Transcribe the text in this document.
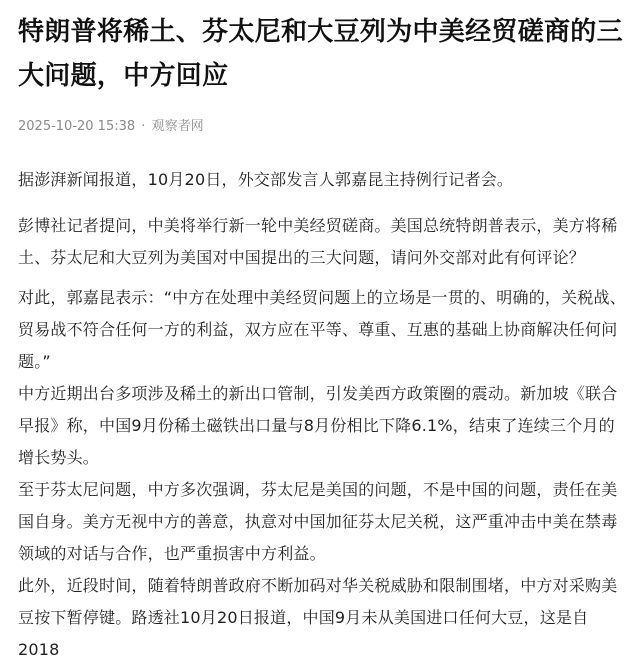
特朗普将稀土、芬太尼和大豆列为中美经贸磋商的三大问题，中方回应
2025-10-20 15:38 · 观察者网

据澎湃新闻报道，10月20日，外交部发言人郭嘉昆主持例行记者会。

彭博社记者提问，中美将举行新一轮中美经贸磋商。美国总统特朗普表示，美方将稀土、芬太尼和大豆列为美国对中国提出的三大问题，请问外交部对此有何评论？

对此，郭嘉昆表示：“中方在处理中美经贸问题上的立场是一贯的、明确的，关税战、贸易战不符合任何一方的利益，双方应在平等、尊重、互惠的基础上协商解决任何问题。”

中方近期出台多项涉及稀土的新出口管制，引发美西方政策圈的震动。新加坡《联合早报》称，中国9月份稀土磁铁出口量与8月份相比下降6.1%，结束了连续三个月的增长势头。

至于芬太尼问题，中方多次强调，芬太尼是美国的问题，不是中国的问题，责任在美国自身。美方无视中方的善意，执意对中国加征芬太尼关税，这严重冲击中美在禁毒领域的对话与合作，也严重损害中方利益。

此外，近段时间，随着特朗普政府不断加码对华关税威胁和限制围堵，中方对采购美豆按下暂停键。路透社10月20日报道，中国9月未从美国进口任何大豆，这是自2018
